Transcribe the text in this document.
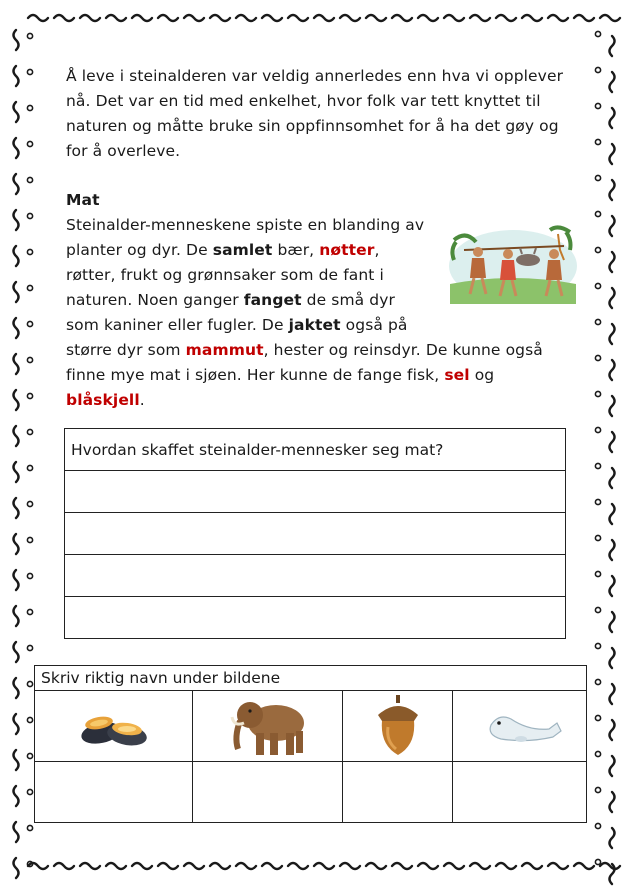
Å leve i steinalderen var veldig annerledes enn hva vi opplever nå. Det var en tid med enkelhet, hvor folk var tett knyttet til naturen og måtte bruke sin oppfinnsomhet for å ha det gøy og for å overleve.

Mat

Steinalder-menneskene spiste en blanding av planter og dyr. De samlet bær, nøtter, røtter, frukt og grønnsaker som de fant i naturen. Noen ganger fanget de små dyr som kaniner eller fugler. De jaktet også på større dyr som mammut, hester og reinsdyr. De kunne også finne mye mat i sjøen. Her kunne de fange fisk, sel og blåskjell.

Hvordan skaffet steinalder-mennesker seg mat?

Skriv riktig navn under bildene			
